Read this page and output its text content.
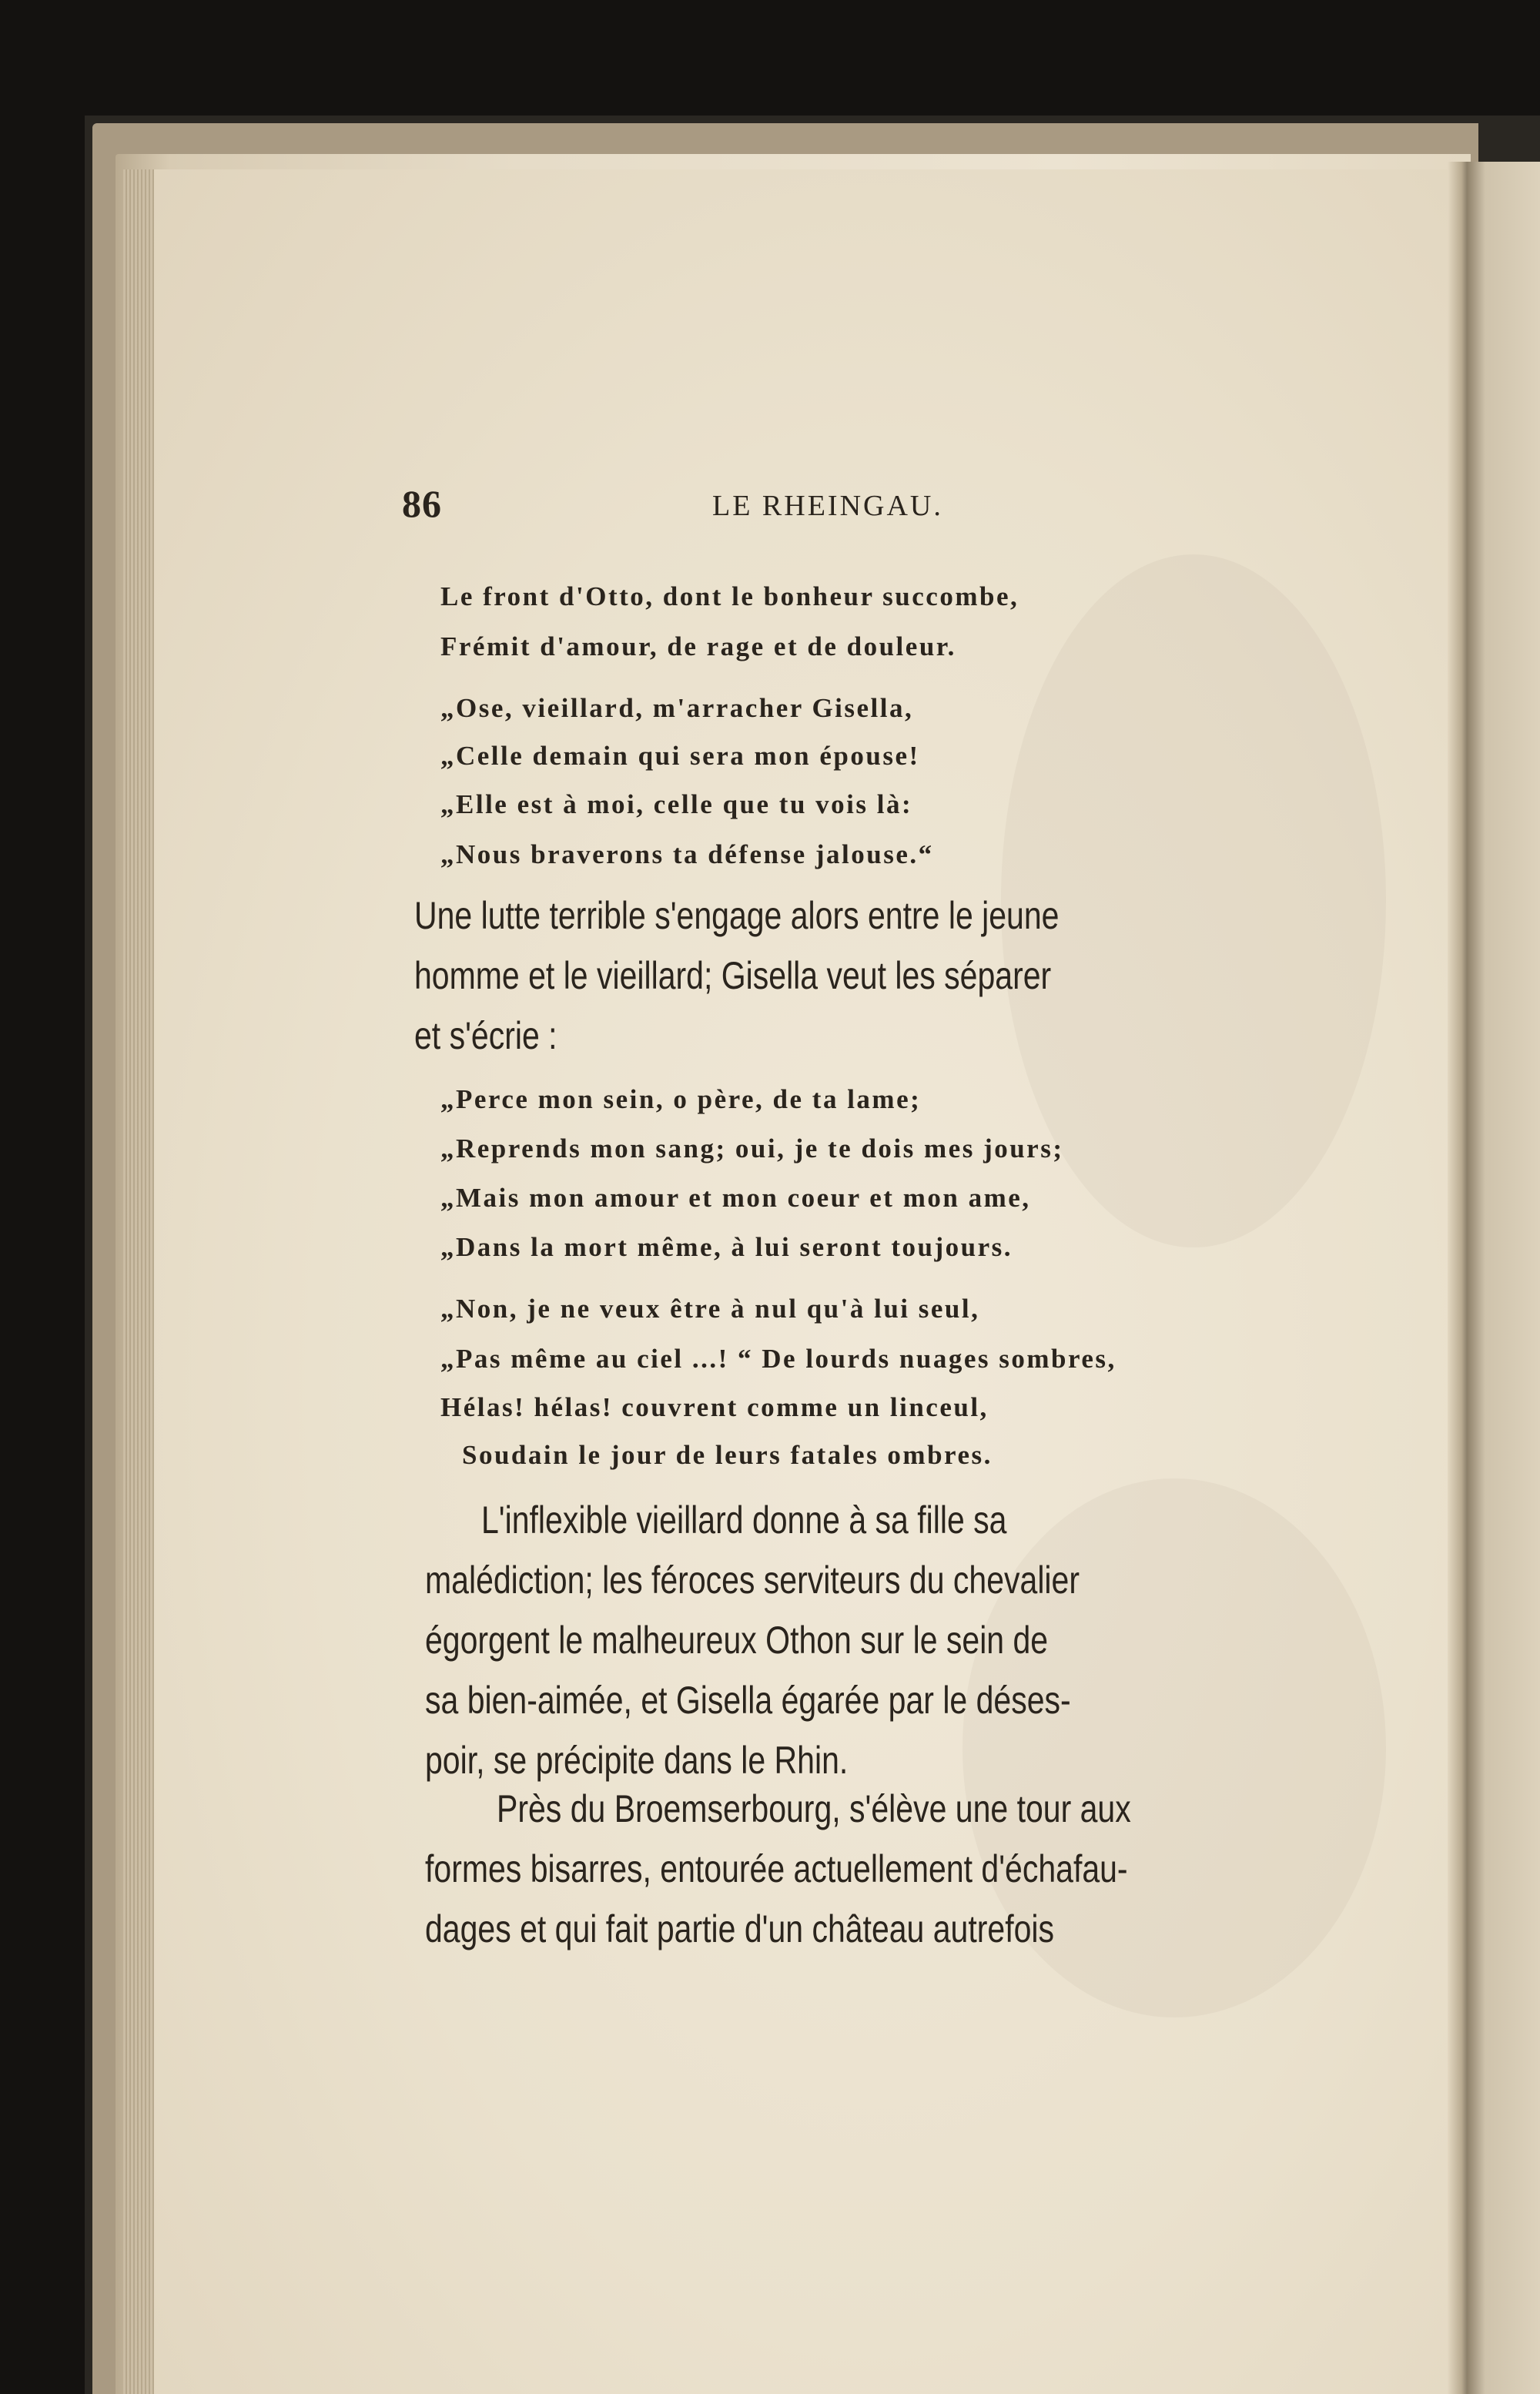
86	LE RHEINGAU.
Le front d'Otto, dont le bonheur succombe,
Frémit d'amour, de rage et de douleur.
„Ose, vieillard, m'arracher Gisella,
„Celle demain qui sera mon épouse!
„Elle est à moi, celle que tu vois là:
„Nous braverons ta défense jalouse.“
Une lutte terrible s'engage alors entre le jeune
homme et le vieillard; Gisella veut les séparer
et s'écrie :
„Perce mon sein, o père, de ta lame;
„Reprends mon sang; oui, je te dois mes jours;
„Mais mon amour et mon coeur et mon ame,
„Dans la mort même, à lui seront toujours.
„Non, je ne veux être à nul qu'à lui seul,
„Pas même au ciel ...! “ De lourds nuages sombres,
Hélas! hélas! couvrent comme un linceul,
Soudain le jour de leurs fatales ombres.
L'inflexible vieillard donne à sa fille sa
malédiction; les féroces serviteurs du chevalier
égorgent le malheureux Othon sur le sein de
sa bien-aimée, et Gisella égarée par le déses-
poir, se précipite dans le Rhin.
Près du Broemserbourg, s'élève une tour aux
formes bisarres, entourée actuellement d'échafau-
dages et qui fait partie d'un château autrefois
